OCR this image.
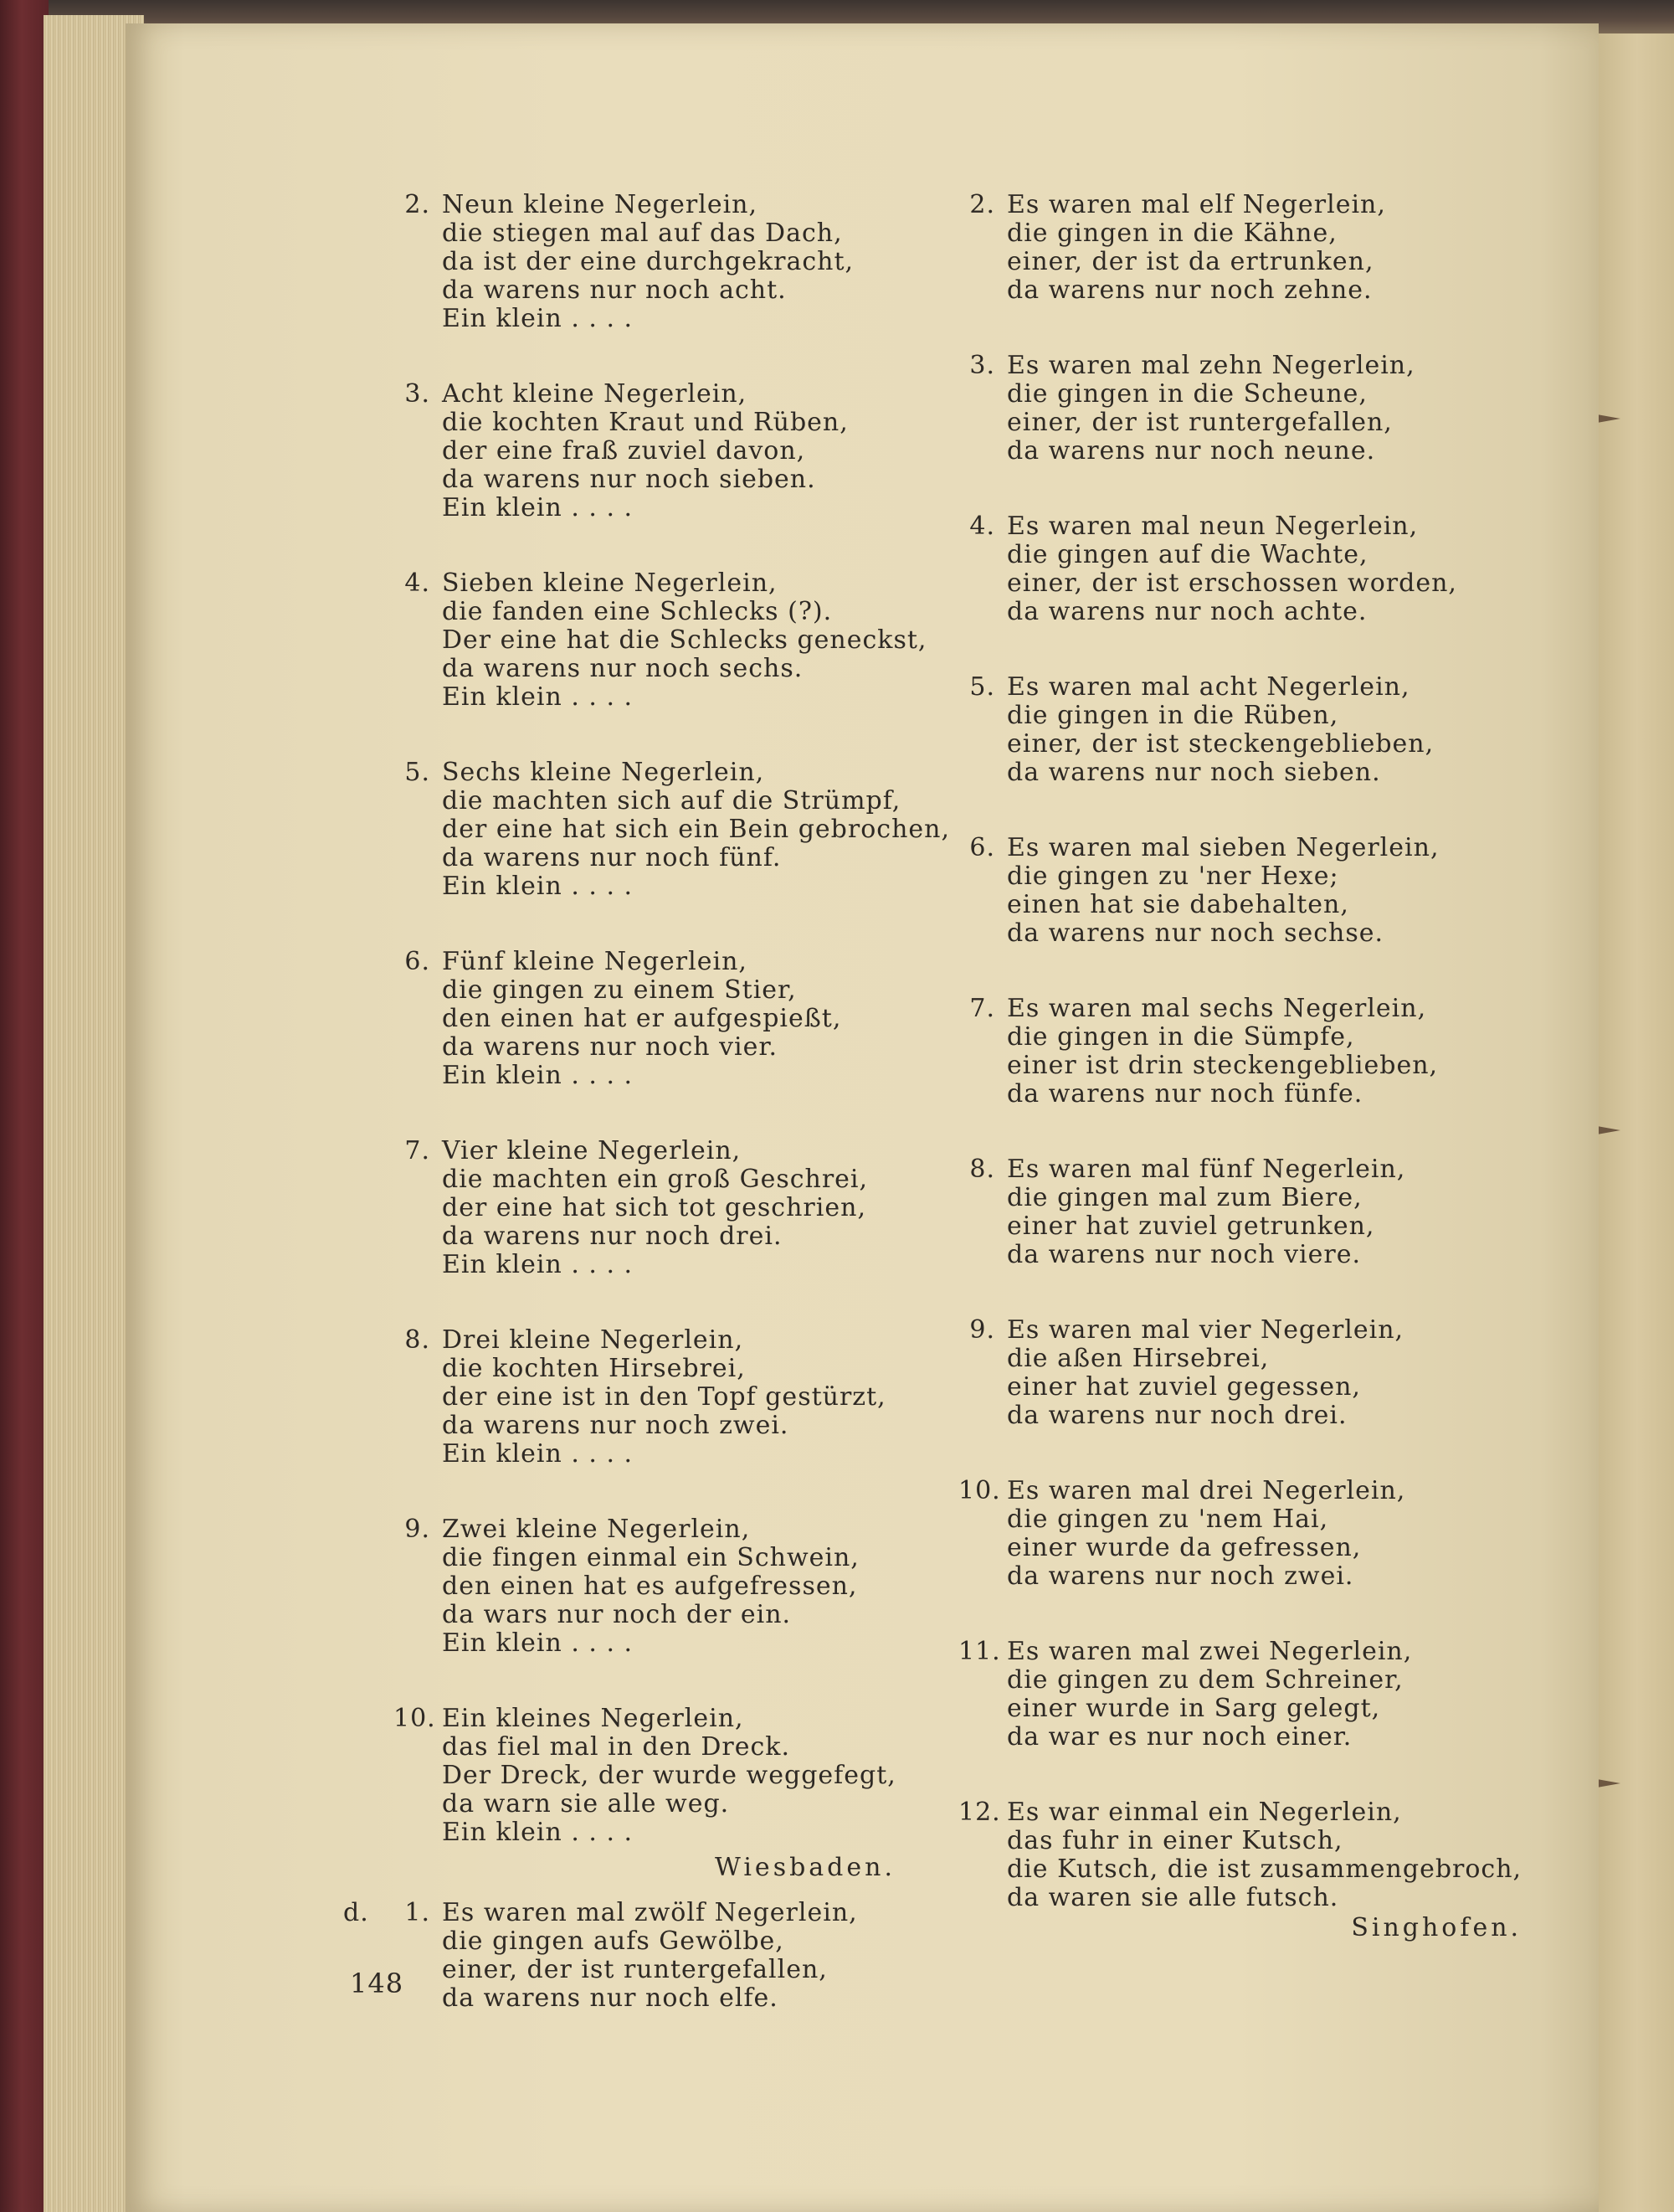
2. Neun kleine Negerlein,
die stiegen mal auf das Dach,
da ist der eine durchgekracht,
da warens nur noch acht.
Ein klein . . . .
3. Acht kleine Negerlein,
die kochten Kraut und Rüben,
der eine fraß zuviel davon,
da warens nur noch sieben.
Ein klein . . . .
4. Sieben kleine Negerlein,
die fanden eine Schlecks (?).
Der eine hat die Schlecks geneckst,
da warens nur noch sechs.
Ein klein . . . .
5. Sechs kleine Negerlein,
die machten sich auf die Strümpf,
der eine hat sich ein Bein gebrochen,
da warens nur noch fünf.
Ein klein . . . .
6. Fünf kleine Negerlein,
die gingen zu einem Stier,
den einen hat er aufgespießt,
da warens nur noch vier.
Ein klein . . . .
7. Vier kleine Negerlein,
die machten ein groß Geschrei,
der eine hat sich tot geschrien,
da warens nur noch drei.
Ein klein . . . .
8. Drei kleine Negerlein,
die kochten Hirsebrei,
der eine ist in den Topf gestürzt,
da warens nur noch zwei.
Ein klein . . . .
9. Zwei kleine Negerlein,
die fingen einmal ein Schwein,
den einen hat es aufgefressen,
da wars nur noch der ein.
Ein klein . . . .
10. Ein kleines Negerlein,
das fiel mal in den Dreck.
Der Dreck, der wurde weggefegt,
da warn sie alle weg.
Ein klein . . . .
Wiesbaden.
d.	1. Es waren mal zwölf Negerlein,
die gingen aufs Gewölbe,
einer, der ist runtergefallen,
da warens nur noch elfe.
2. Es waren mal elf Negerlein,
die gingen in die Kähne,
einer, der ist da ertrunken,
da warens nur noch zehne.
3. Es waren mal zehn Negerlein,
die gingen in die Scheune,
einer, der ist runtergefallen,
da warens nur noch neune.
4. Es waren mal neun Negerlein,
die gingen auf die Wachte,
einer, der ist erschossen worden,
da warens nur noch achte.
5. Es waren mal acht Negerlein,
die gingen in die Rüben,
einer, der ist steckengeblieben,
da warens nur noch sieben.
6. Es waren mal sieben Negerlein,
die gingen zu 'ner Hexe;
einen hat sie dabehalten,
da warens nur noch sechse.
7. Es waren mal sechs Negerlein,
die gingen in die Sümpfe,
einer ist drin steckengeblieben,
da warens nur noch fünfe.
8. Es waren mal fünf Negerlein,
die gingen mal zum Biere,
einer hat zuviel getrunken,
da warens nur noch viere.
9. Es waren mal vier Negerlein,
die aßen Hirsebrei,
einer hat zuviel gegessen,
da warens nur noch drei.
10. Es waren mal drei Negerlein,
die gingen zu 'nem Hai,
einer wurde da gefressen,
da warens nur noch zwei.
11. Es waren mal zwei Negerlein,
die gingen zu dem Schreiner,
einer wurde in Sarg gelegt,
da war es nur noch einer.
12. Es war einmal ein Negerlein,
das fuhr in einer Kutsch,
die Kutsch, die ist zusammengebroch,
da waren sie alle futsch.
Singhofen.
148
